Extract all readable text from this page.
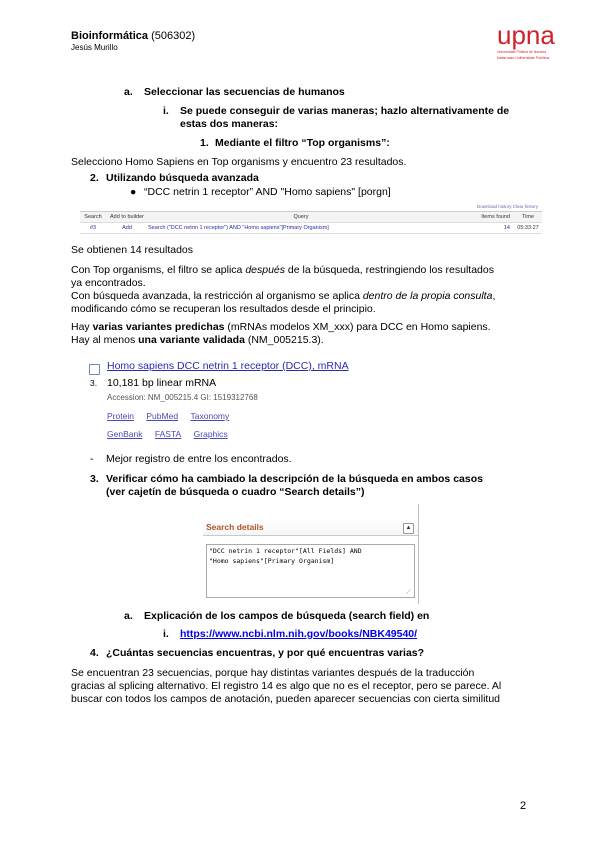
Bioinformática (506302)
Jesús Murillo	upna
Universidad Pública de Navarra
Nafarroako Unibertsitate Publikoa
a. Seleccionar las secuencias de humanos
i. Se puede conseguir de varias maneras; hazlo alternativamente de
estas dos maneras:
1. Mediante el filtro “Top organisms”:
Selecciono Homo Sapiens en Top organisms y encuentro 23 resultados.
2. Utilizando búsqueda avanzada
● “DCC netrin 1 receptor” AND "Homo sapiens" [porgn]
Download history Clear history
Search	Add to builder	Query	Items found	Time
#3	Add	Search ("DCC netrin 1 receptor") AND "Homo sapiens"[Primary Organism]	14	05:33:27
Se obtienen 14 resultados
Con Top organisms, el filtro se aplica después de la búsqueda, restringiendo los resultados
ya encontrados.
Con búsqueda avanzada, la restricción al organismo se aplica dentro de la propia consulta,
modificando cómo se recuperan los resultados desde el principio.
Hay varias variantes predichas (mRNAs modelos XM_xxx) para DCC en Homo sapiens.
Hay al menos una variante validada (NM_005215.3).
Homo sapiens DCC netrin 1 receptor (DCC), mRNA
3. 10,181 bp linear mRNA
Accession: NM_005215.4 GI: 1519312768
Protein PubMed Taxonomy
GenBank FASTA Graphics
- Mejor registro de entre los encontrados.
3. Verificar cómo ha cambiado la descripción de la búsqueda en ambos casos
(ver cajetín de búsqueda o cuadro “Search details”)
Search details	▲
"DCC netrin 1 receptor"[All Fields] AND
"Homo sapiens"[Primary Organism]
⟋
a. Explicación de los campos de búsqueda (search field) en
i. https://www.ncbi.nlm.nih.gov/books/NBK49540/
4. ¿Cuántas secuencias encuentras, y por qué encuentras varias?
Se encuentran 23 secuencias, porque hay distintas variantes después de la traducción
gracias al splicing alternativo. El registro 14 es algo que no es el receptor, pero se parece. Al
buscar con todos los campos de anotación, pueden aparecer secuencias con cierta similitud
2
